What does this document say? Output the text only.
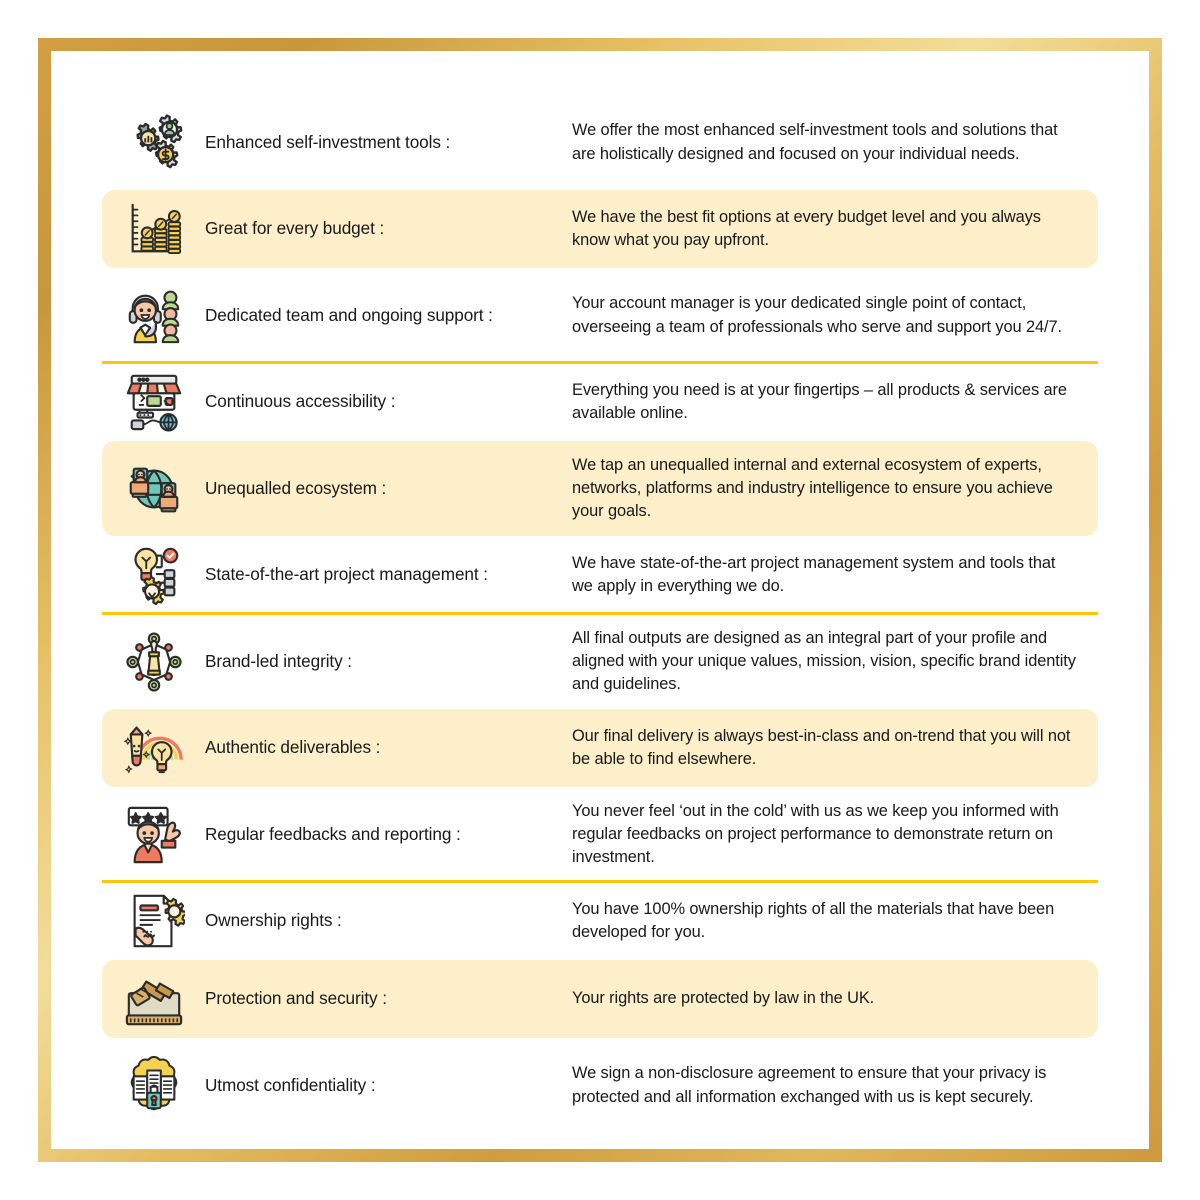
Enhanced self-investment tools :
We offer the most enhanced self-investment tools and solutions that are holistically designed and focused on your individual needs.
Great for every budget :
We have the best fit options at every budget level and you always know what you pay upfront.
Dedicated team and ongoing support :
Your account manager is your dedicated single point of contact, overseeing a team of professionals who serve and support you 24/7.
Continuous accessibility :
Everything you need is at your fingertips – all products & services are available online.
Unequalled ecosystem :
We tap an unequalled internal and external ecosystem of experts, networks, platforms and industry intelligence to ensure you achieve your goals.
State-of-the-art project management :
We have state-of-the-art project management system and tools that we apply in everything we do.
Brand-led integrity :
All final outputs are designed as an integral part of your profile and aligned with your unique values, mission, vision, specific brand identity and guidelines.
Authentic deliverables :
Our final delivery is always best-in-class and on-trend that you will not be able to find elsewhere.
Regular feedbacks and reporting :
You never feel ‘out in the cold’ with us as we keep you informed with regular feedbacks on project performance to demonstrate return on investment.
Ownership rights :
You have 100% ownership rights of all the materials that have been developed for you.
Protection and security :	Your rights are protected by law in the UK.
Utmost confidentiality :
We sign a non-disclosure agreement to ensure that your privacy is protected and all information exchanged with us is kept securely.
